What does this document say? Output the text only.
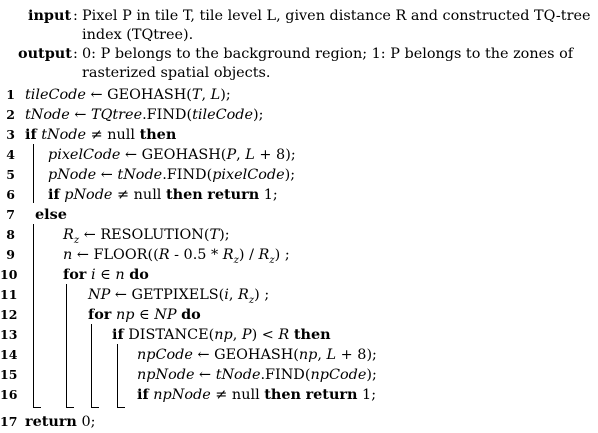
input : Pixel P in tile T, tile level L, given distance R and constructed TQ-tree
index (TQtree).
output : 0: P belongs to the background region; 1: P belongs to the zones of
rasterized spatial objects.
1 tileCode ← GEOHASH(T, L);
2 tNode ← TQtree.FIND(tileCode);
3 if tNode ≠ null then
4 pixelCode ← GEOHASH(P, L + 8);
5 pNode ← tNode.FIND(pixelCode);
6 if pNode ≠ null then return 1;
7 else
8	$R_z$ ← RESOLUTION(T);
9	n ← FLOOR((R - $0.5 * R_z) / R_z$) ;
10	for i ∈ n do
11	NP ← GETPIXELS(i, $R_z$) ;
12	for np ∈ NP do
13	if DISTANCE(np, P) < R then
14	npCode ← GEOHASH(np, L + 8);
15	npNode ← tNode.FIND(npCode);
16	if npNode ≠ null then return 1;
17 return 0;
